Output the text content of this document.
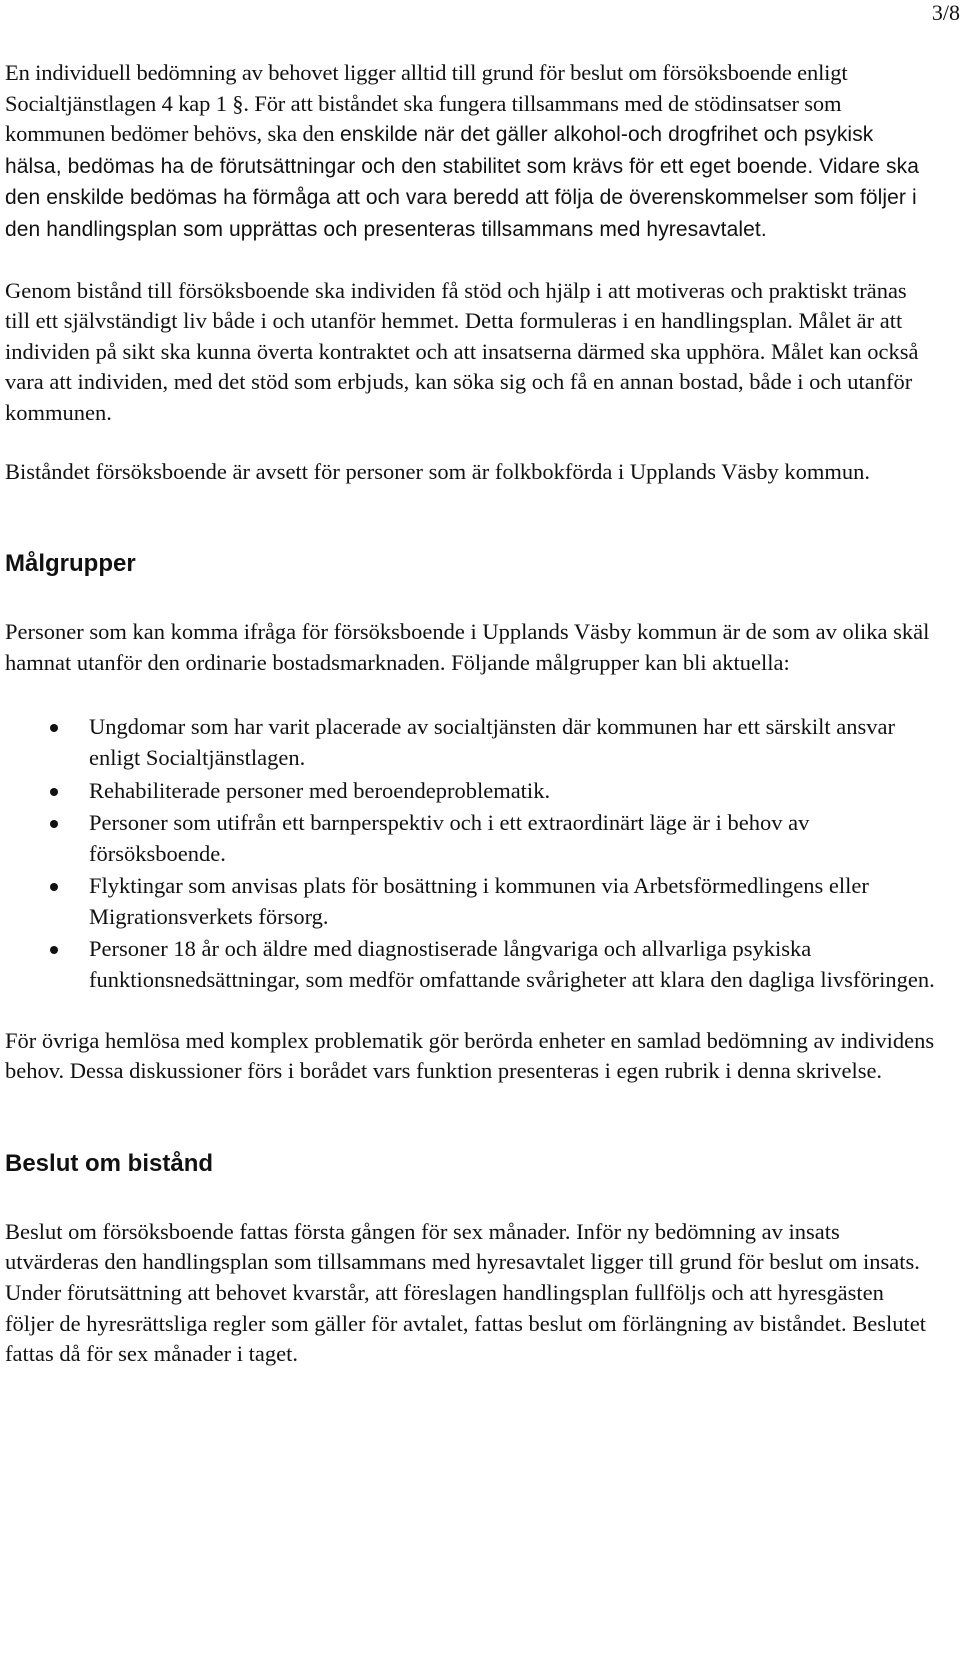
3/8

En individuell bedömning av behovet ligger alltid till grund för beslut om försöksboende enligt Socialtjänstlagen 4 kap 1 §. För att biståndet ska fungera tillsammans med de stödinsatser som kommunen bedömer behövs, ska den enskilde när det gäller alkohol-och drogfrihet och psykisk hälsa, bedömas ha de förutsättningar och den stabilitet som krävs för ett eget boende. Vidare ska den enskilde bedömas ha förmåga att och vara beredd att följa de överenskommelser som följer i den handlingsplan som upprättas och presenteras tillsammans med hyresavtalet.

Genom bistånd till försöksboende ska individen få stöd och hjälp i att motiveras och praktiskt tränas till ett självständigt liv både i och utanför hemmet. Detta formuleras i en handlingsplan. Målet är att individen på sikt ska kunna överta kontraktet och att insatserna därmed ska upphöra. Målet kan också vara att individen, med det stöd som erbjuds, kan söka sig och få en annan bostad, både i och utanför kommunen.

Biståndet försöksboende är avsett för personer som är folkbokförda i Upplands Väsby kommun.

Målgrupper

Personer som kan komma ifråga för försöksboende i Upplands Väsby kommun är de som av olika skäl hamnat utanför den ordinarie bostadsmarknaden. Följande målgrupper kan bli aktuella:

Ungdomar som har varit placerade av socialtjänsten där kommunen har ett särskilt ansvar enligt Socialtjänstlagen.
Rehabiliterade personer med beroendeproblematik.
Personer som utifrån ett barnperspektiv och i ett extraordinärt läge är i behov av försöksboende.
Flyktingar som anvisas plats för bosättning i kommunen via Arbetsförmedlingens eller Migrationsverkets försorg.
Personer 18 år och äldre med diagnostiserade långvariga och allvarliga psykiska funktionsnedsättningar, som medför omfattande svårigheter att klara den dagliga livsföringen.

För övriga hemlösa med komplex problematik gör berörda enheter en samlad bedömning av individens behov. Dessa diskussioner förs i borådet vars funktion presenteras i egen rubrik i denna skrivelse.

Beslut om bistånd

Beslut om försöksboende fattas första gången för sex månader. Inför ny bedömning av insats utvärderas den handlingsplan som tillsammans med hyresavtalet ligger till grund för beslut om insats. Under förutsättning att behovet kvarstår, att föreslagen handlingsplan fullföljs och att hyresgästen följer de hyresrättsliga regler som gäller för avtalet, fattas beslut om förlängning av biståndet. Beslutet fattas då för sex månader i taget.
